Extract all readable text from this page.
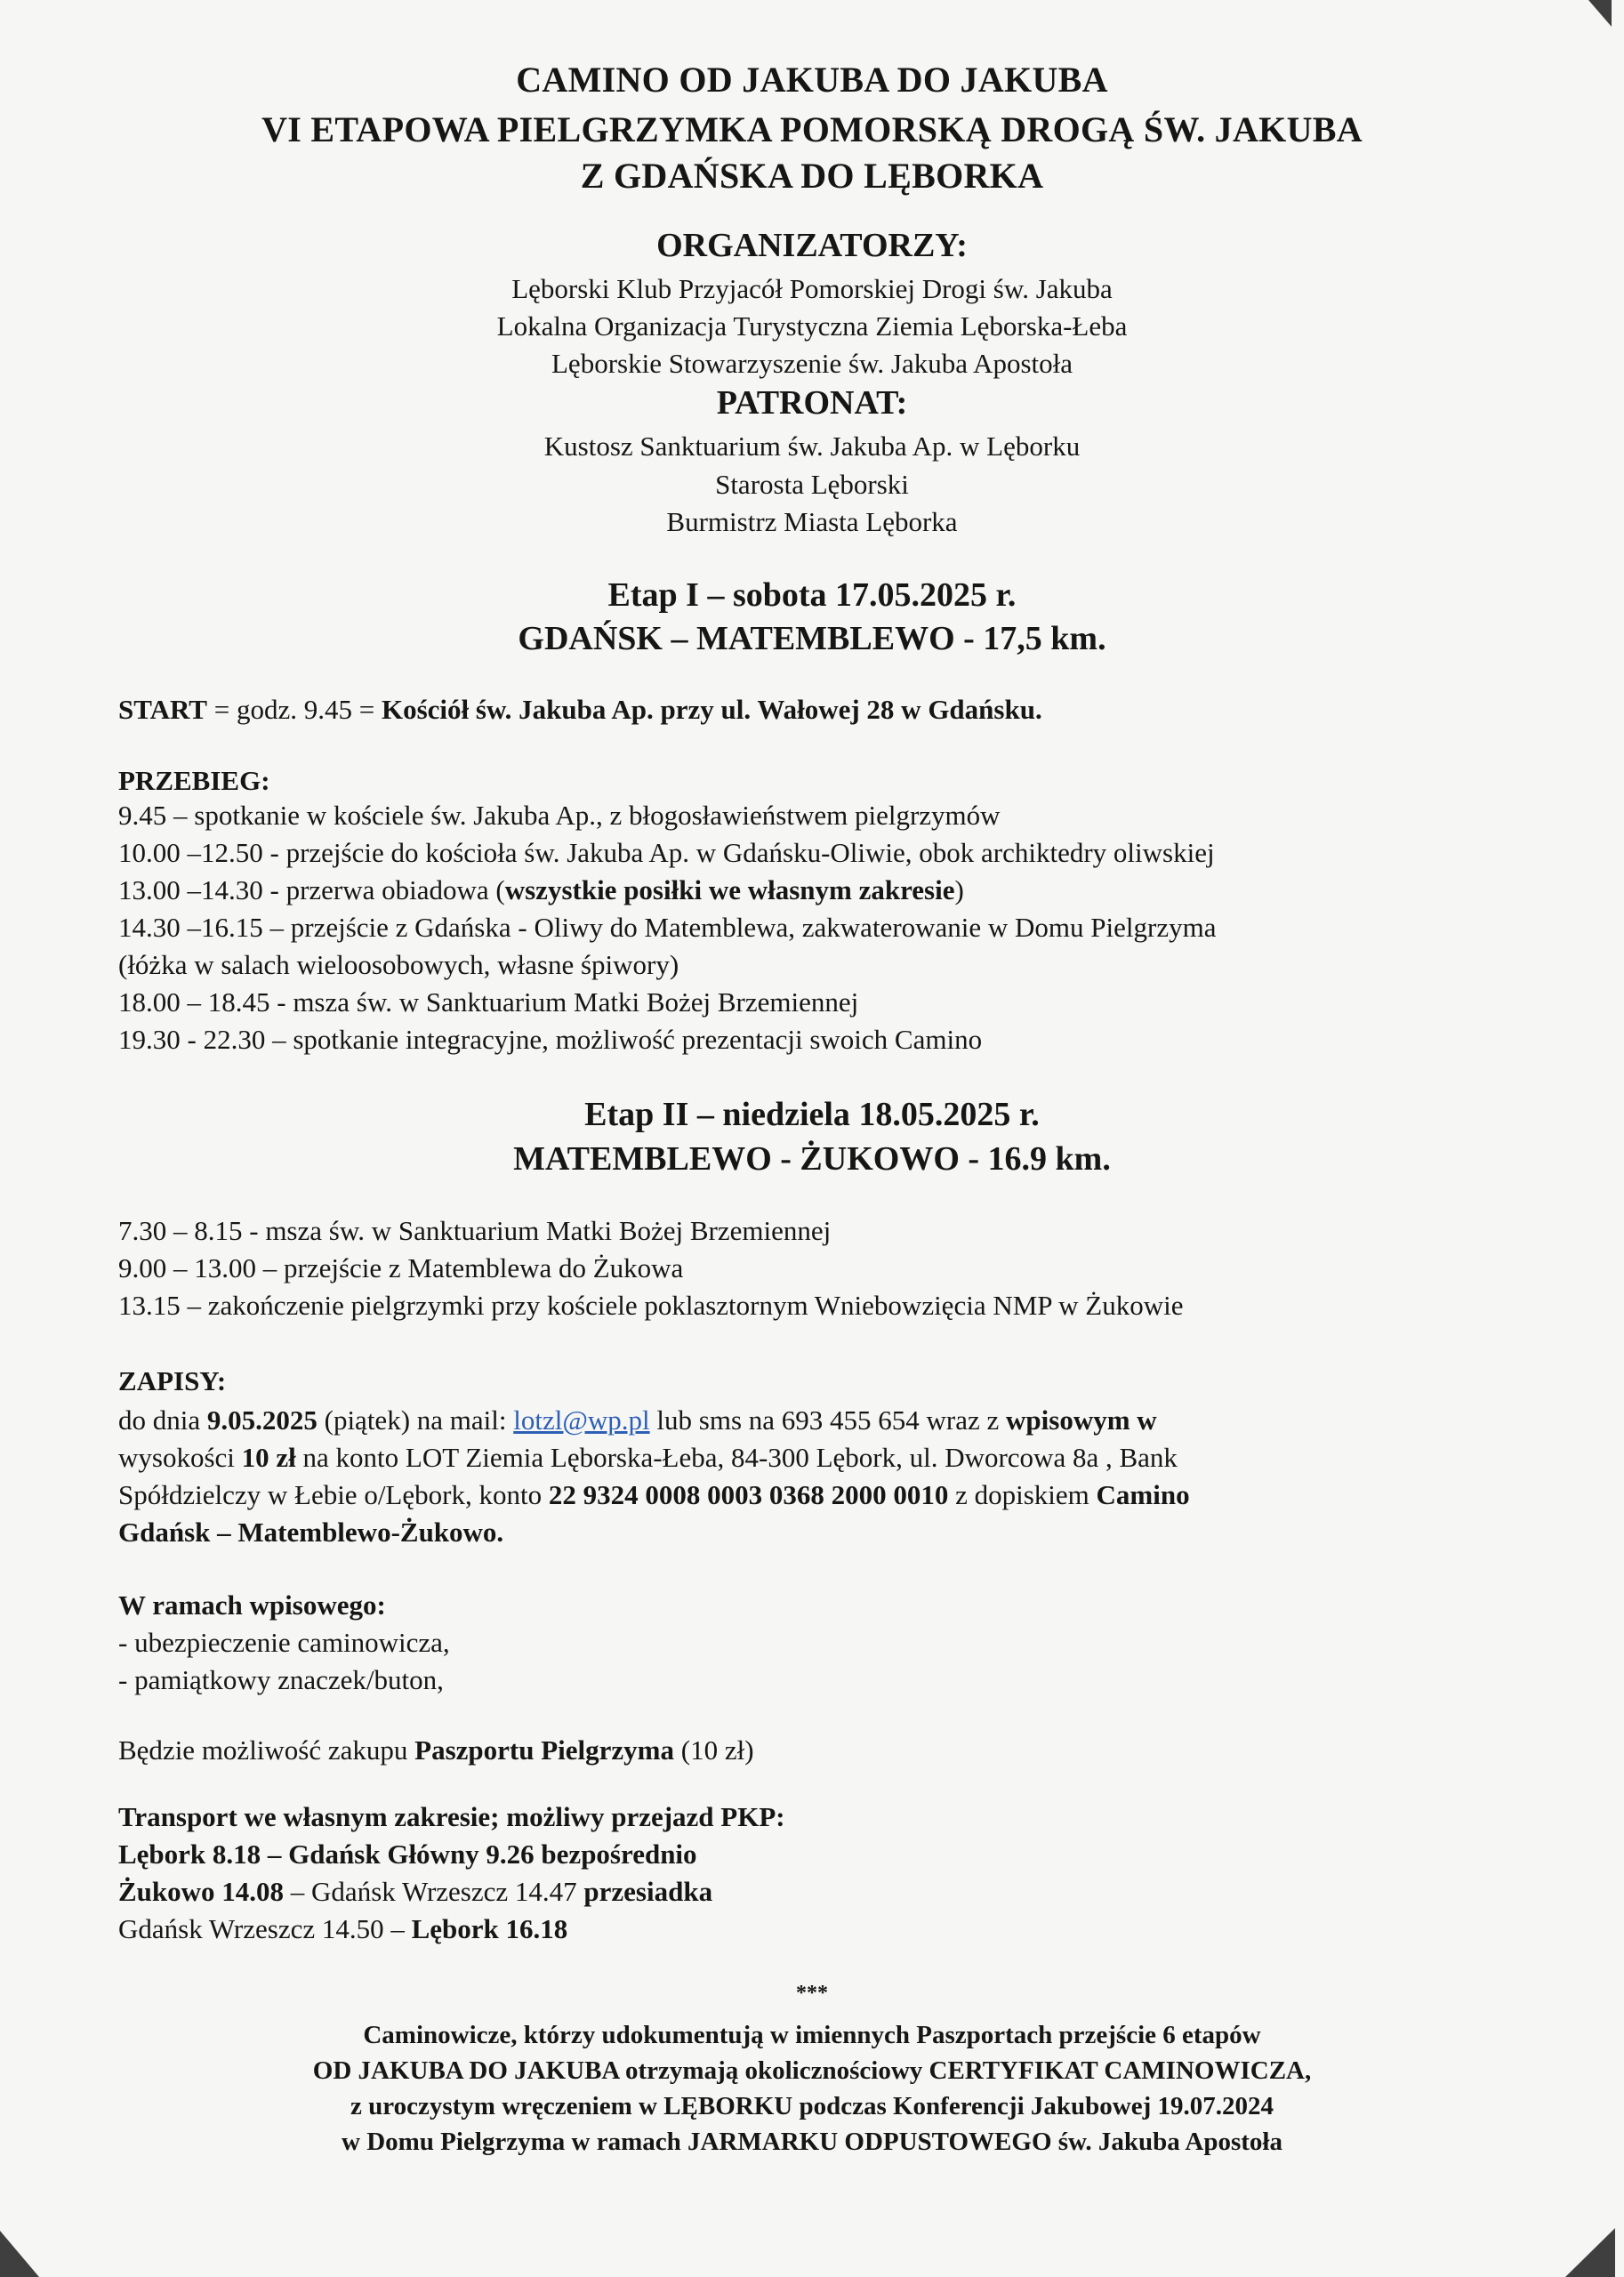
CAMINO OD JAKUBA DO JAKUBA
VI ETAPOWA PIELGRZYMKA POMORSKĄ DROGĄ ŚW. JAKUBA
Z GDAŃSKA DO LĘBORKA
ORGANIZATORZY:
Lęborski Klub Przyjacół Pomorskiej Drogi św. Jakuba
Lokalna Organizacja Turystyczna Ziemia Lęborska-Łeba
Lęborskie Stowarzyszenie św. Jakuba Apostoła
PATRONAT:
Kustosz Sanktuarium św. Jakuba Ap. w Lęborku
Starosta Lęborski
Burmistrz Miasta Lęborka
Etap I – sobota 17.05.2025 r.
GDAŃSK – MATEMBLEWO - 17,5 km.
START = godz. 9.45 = Kościół św. Jakuba Ap. przy ul. Wałowej 28 w Gdańsku.
PRZEBIEG:
9.45 – spotkanie w kościele św. Jakuba Ap., z błogosławieństwem pielgrzymów
10.00 –12.50 - przejście do kościoła św. Jakuba Ap. w Gdańsku-Oliwie, obok archiktedry oliwskiej
13.00 –14.30 - przerwa obiadowa (wszystkie posiłki we własnym zakresie)
14.30 –16.15 – przejście z Gdańska - Oliwy do Matemblewa, zakwaterowanie w Domu Pielgrzyma
(łóżka w salach wieloosobowych, własne śpiwory)
18.00 – 18.45 - msza św. w Sanktuarium Matki Bożej Brzemiennej
19.30 - 22.30 – spotkanie integracyjne, możliwość prezentacji swoich Camino
Etap II – niedziela 18.05.2025 r.
MATEMBLEWO - ŻUKOWO - 16.9 km.
7.30 – 8.15 - msza św. w Sanktuarium Matki Bożej Brzemiennej
9.00 – 13.00 – przejście z Matemblewa do Żukowa
13.15 – zakończenie pielgrzymki przy kościele poklasztornym Wniebowzięcia NMP w Żukowie
ZAPISY:
do dnia 9.05.2025 (piątek) na mail: lotzl@wp.pl lub sms na 693 455 654 wraz z wpisowym w
wysokości 10 zł na konto LOT Ziemia Lęborska-Łeba, 84-300 Lębork, ul. Dworcowa 8a , Bank
Spółdzielczy w Łebie o/Lębork, konto 22 9324 0008 0003 0368 2000 0010 z dopiskiem Camino
Gdańsk – Matemblewo-Żukowo.
W ramach wpisowego:
- ubezpieczenie caminowicza,
- pamiątkowy znaczek/buton,
Będzie możliwość zakupu Paszportu Pielgrzyma (10 zł)
Transport we własnym zakresie; możliwy przejazd PKP:
Lębork 8.18 – Gdańsk Główny 9.26 bezpośrednio
Żukowo 14.08 – Gdańsk Wrzeszcz 14.47 przesiadka
Gdańsk Wrzeszcz 14.50 – Lębork 16.18
***
Caminowicze, którzy udokumentują w imiennych Paszportach przejście 6 etapów
OD JAKUBA DO JAKUBA otrzymają okolicznościowy CERTYFIKAT CAMINOWICZA,
z uroczystym wręczeniem w LĘBORKU podczas Konferencji Jakubowej 19.07.2024
w Domu Pielgrzyma w ramach JARMARKU ODPUSTOWEGO św. Jakuba Apostoła
